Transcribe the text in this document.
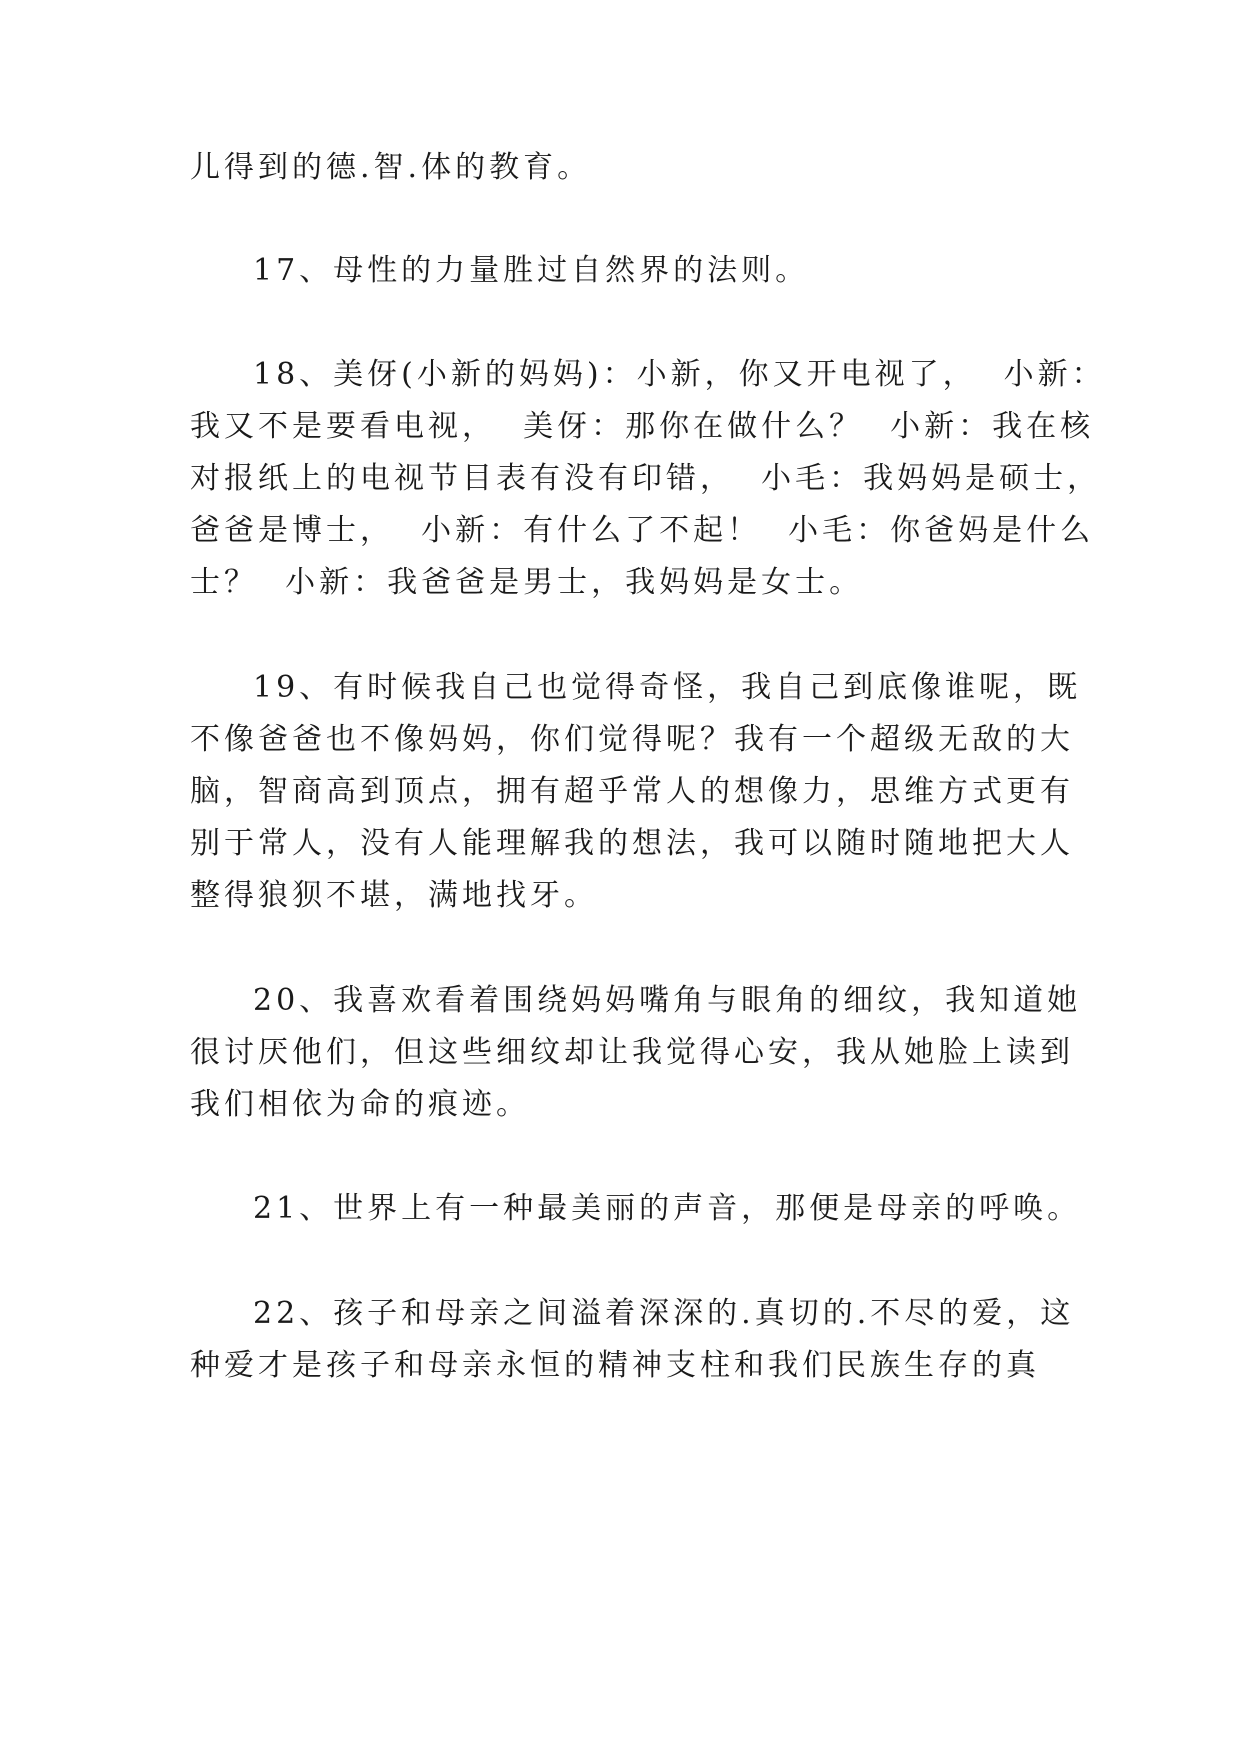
儿得到的德.智.体的教育。
17、母性的力量胜过自然界的法则。
18、美伢(小新的妈妈)：小新，你又开电视了，  小新：
我又不是要看电视，  美伢：那你在做什么？  小新：我在核
对报纸上的电视节目表有没有印错，  小毛：我妈妈是硕士，
爸爸是博士，  小新：有什么了不起！  小毛：你爸妈是什么
士？  小新：我爸爸是男士，我妈妈是女士。
19、有时候我自己也觉得奇怪，我自己到底像谁呢，既
不像爸爸也不像妈妈，你们觉得呢？我有一个超级无敌的大
脑，智商高到顶点，拥有超乎常人的想像力，思维方式更有
别于常人，没有人能理解我的想法，我可以随时随地把大人
整得狼狈不堪，满地找牙。
20、我喜欢看着围绕妈妈嘴角与眼角的细纹，我知道她
很讨厌他们，但这些细纹却让我觉得心安，我从她脸上读到
我们相依为命的痕迹。
21、世界上有一种最美丽的声音，那便是母亲的呼唤。
22、孩子和母亲之间溢着深深的.真切的.不尽的爱，这
种爱才是孩子和母亲永恒的精神支柱和我们民族生存的真
